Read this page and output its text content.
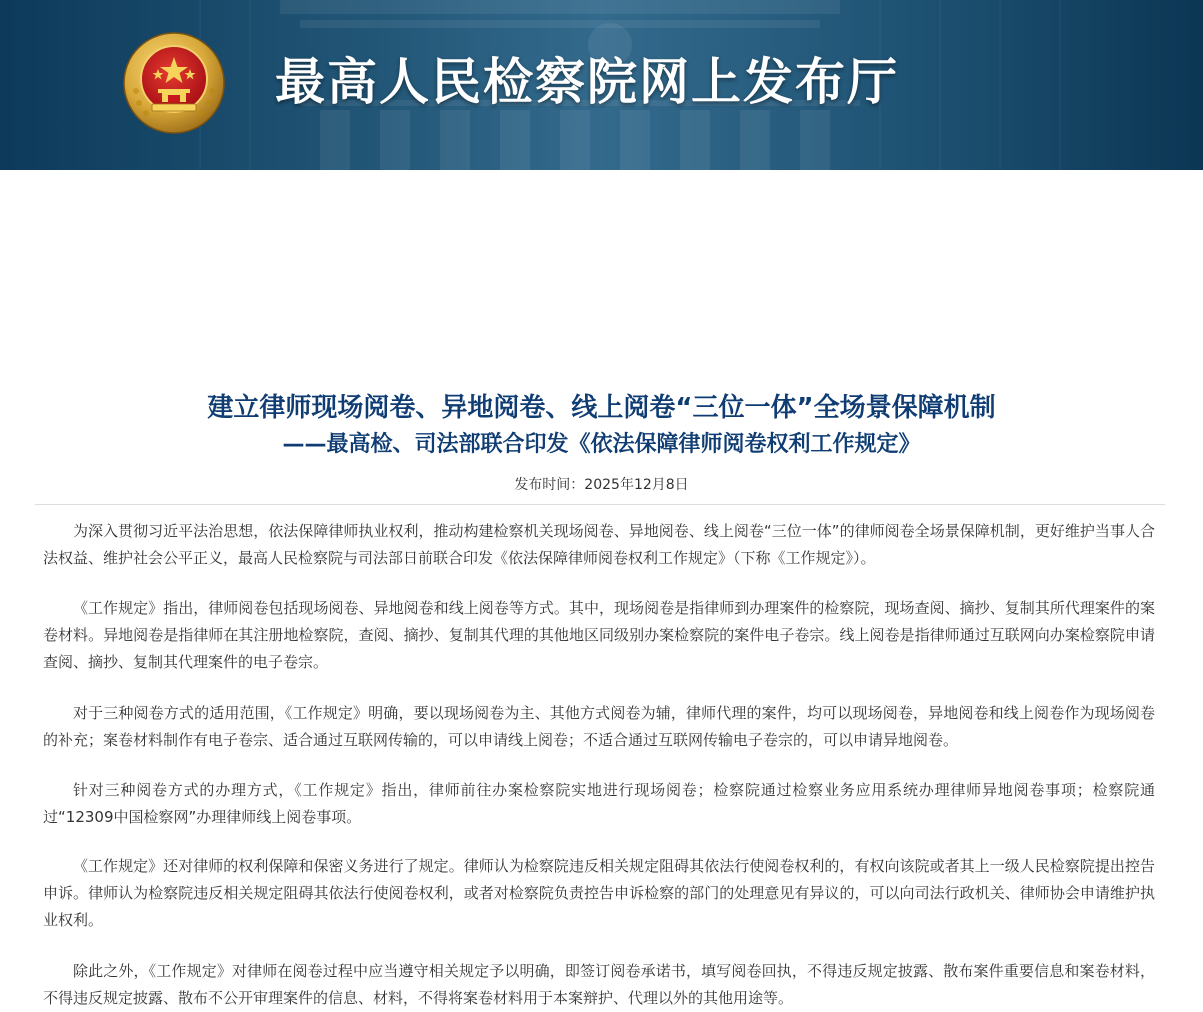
最高人民检察院网上发布厅
建立律师现场阅卷、异地阅卷、线上阅卷“三位一体”全场景保障机制
——最高检、司法部联合印发《依法保障律师阅卷权利工作规定》
发布时间：2025年12月8日

为深入贯彻习近平法治思想，依法保障律师执业权利，推动构建检察机关现场阅卷、异地阅卷、线上阅卷“三位一体”的律师阅卷全场景保障机制，更好维护当事人合法权益、维护社会公平正义，最高人民检察院与司法部日前联合印发《依法保障律师阅卷权利工作规定》（下称《工作规定》）。

《工作规定》指出，律师阅卷包括现场阅卷、异地阅卷和线上阅卷等方式。其中，现场阅卷是指律师到办理案件的检察院，现场查阅、摘抄、复制其所代理案件的案卷材料。异地阅卷是指律师在其注册地检察院，查阅、摘抄、复制其代理的其他地区同级别办案检察院的案件电子卷宗。线上阅卷是指律师通过互联网向办案检察院申请查阅、摘抄、复制其代理案件的电子卷宗。

对于三种阅卷方式的适用范围，《工作规定》明确，要以现场阅卷为主、其他方式阅卷为辅，律师代理的案件，均可以现场阅卷，异地阅卷和线上阅卷作为现场阅卷的补充；案卷材料制作有电子卷宗、适合通过互联网传输的，可以申请线上阅卷；不适合通过互联网传输电子卷宗的，可以申请异地阅卷。

针对三种阅卷方式的办理方式，《工作规定》指出，律师前往办案检察院实地进行现场阅卷；检察院通过检察业务应用系统办理律师异地阅卷事项；检察院通过“12309中国检察网”办理律师线上阅卷事项。

《工作规定》还对律师的权利保障和保密义务进行了规定。律师认为检察院违反相关规定阻碍其依法行使阅卷权利的，有权向该院或者其上一级人民检察院提出控告申诉。律师认为检察院违反相关规定阻碍其依法行使阅卷权利，或者对检察院负责控告申诉检察的部门的处理意见有异议的，可以向司法行政机关、律师协会申请维护执业权利。

除此之外，《工作规定》对律师在阅卷过程中应当遵守相关规定予以明确，即签订阅卷承诺书，填写阅卷回执，不得违反规定披露、散布案件重要信息和案卷材料，不得违反规定披露、散布不公开审理案件的信息、材料，不得将案卷材料用于本案辩护、代理以外的其他用途等。
